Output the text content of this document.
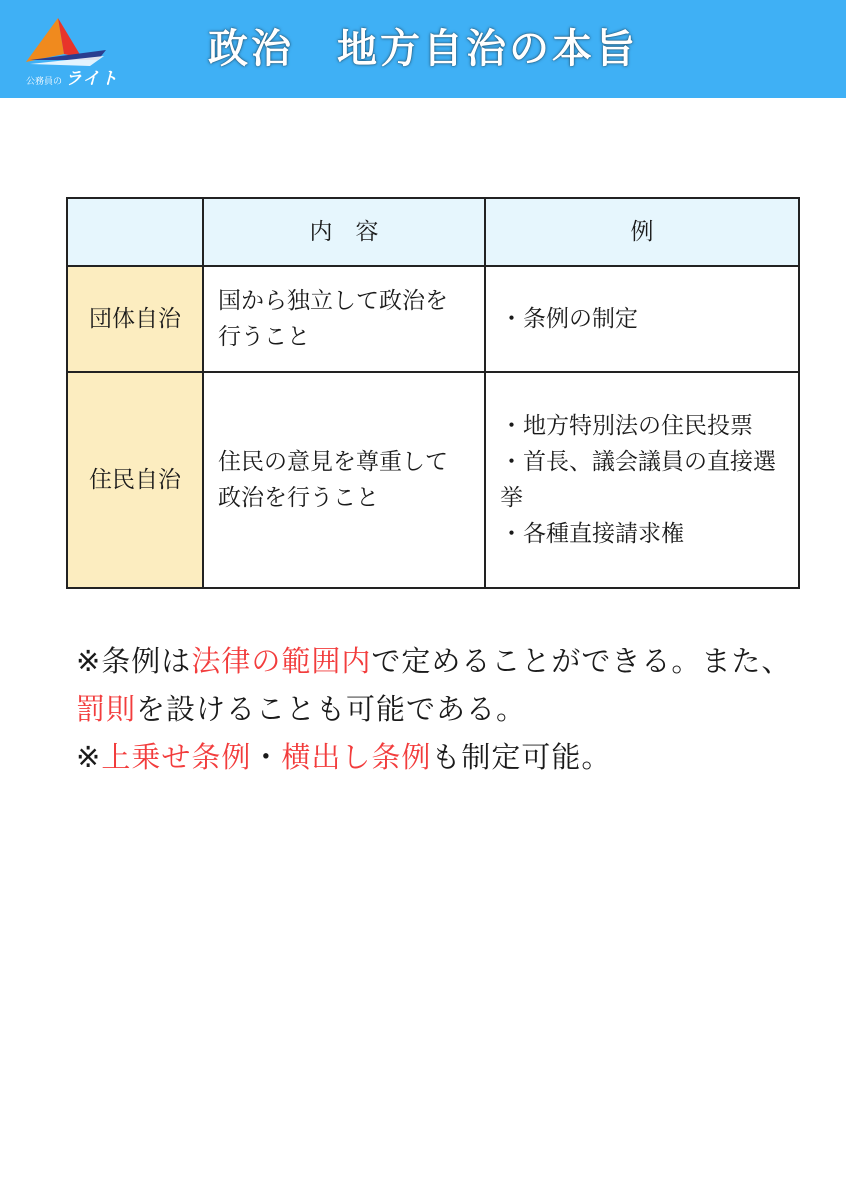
公務員の ライト
政治　地方自治の本旨
	内　容	例
団体自治	国から独立して政治を行うこと	・条例の制定

住民自治	住民の意見を尊重して政治を行うこと	・地方特別法の住民投票
・首長、議会議員の直接選挙
・各種直接請求権

※条例は法律の範囲内で定めることができる。また、罰則を設けることも可能である。

※上乗せ条例・横出し条例も制定可能。
